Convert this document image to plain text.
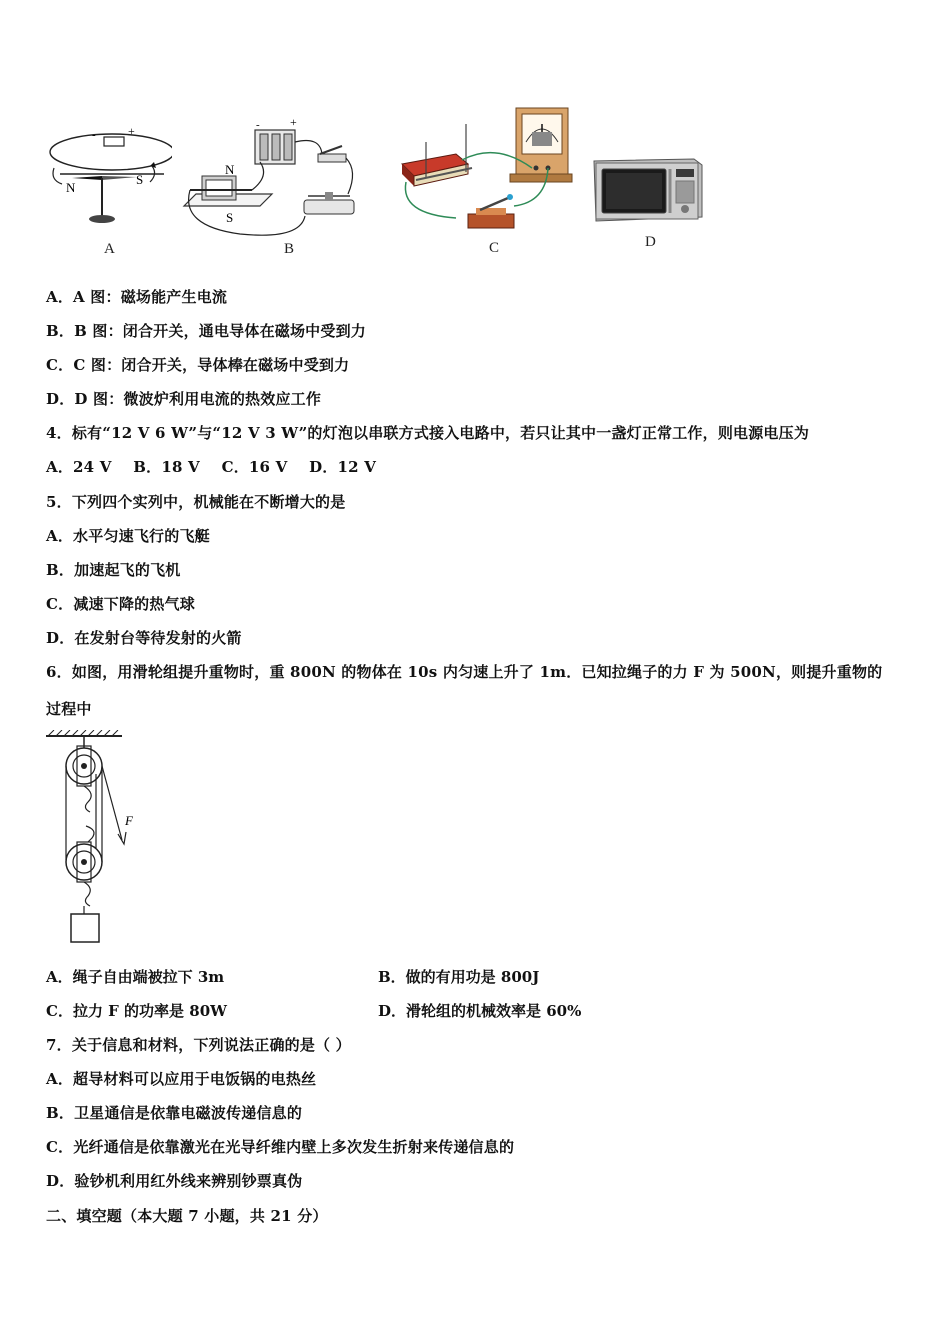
-	+
N
S
A
-	+
N
S
B	C	D
A．A 图：磁场能产生电流
B．B 图：闭合开关，通电导体在磁场中受到力
C．C 图：闭合开关，导体棒在磁场中受到力
D．D 图：微波炉利用电流的热效应工作
4．标有“12 V 6 W”与“12 V 3 W”的灯泡以串联方式接入电路中，若只让其中一盏灯正常工作，则电源电压为
A．24 V    B．18 V    C．16 V    D．12 V
5．下列四个实列中，机械能在不断增大的是
A．水平匀速飞行的飞艇
B．加速起飞的飞机
C．减速下降的热气球
D．在发射台等待发射的火箭
6．如图，用滑轮组提升重物时，重 800N 的物体在 10s 内匀速上升了 1m．已知拉绳子的力 F 为 500N，则提升重物的
过程中
F
A．绳子自由端被拉下 3m	B．做的有用功是 800J
C．拉力 F 的功率是 80W	D．滑轮组的机械效率是 60%
7．关于信息和材料，下列说法正确的是（ ）
A．超导材料可以应用于电饭锅的电热丝
B．卫星通信是依靠电磁波传递信息的
C．光纤通信是依靠激光在光导纤维内壁上多次发生折射来传递信息的
D．验钞机利用红外线来辨别钞票真伪
二、填空题（本大题 7 小题，共 21 分）
